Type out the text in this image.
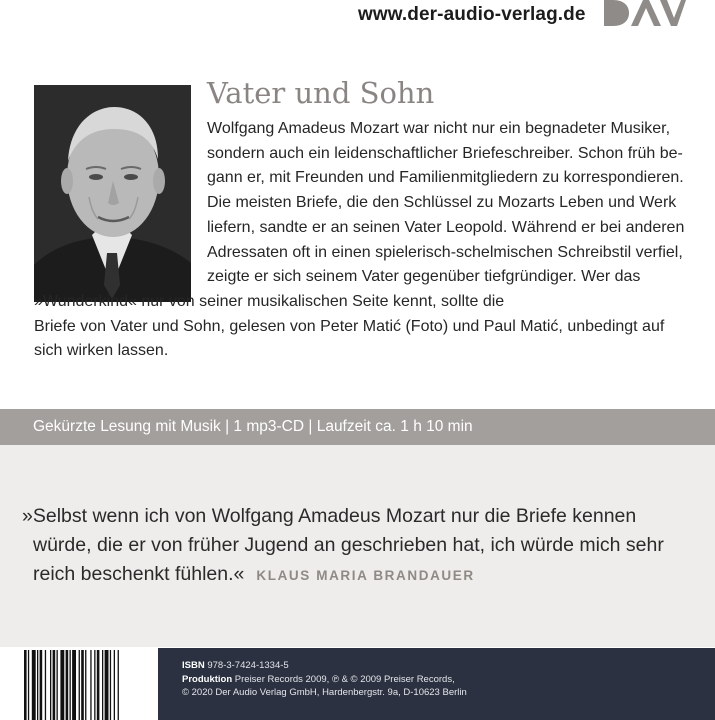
www.der-audio-verlag.de
Vater und Sohn
Wolfgang Amadeus Mozart war nicht nur ein begnadeter Musiker,
sondern auch ein leidenschaftlicher Briefeschreiber. Schon früh be-
gann er, mit Freunden und Familienmitgliedern zu korrespondieren.
Die meisten Briefe, die den Schlüssel zu Mozarts Leben und Werk
liefern, sandte er an seinen Vater Leopold. Während er bei anderen
Adressaten oft in einen spielerisch-schelmischen Schreibstil verfiel,
zeigte er sich seinem Vater gegenüber tiefgründiger. Wer das
»Wunderkind« nur von seiner musikalischen Seite kennt, sollte die
Briefe von Vater und Sohn, gelesen von Peter Matić (Foto) und Paul Matić, unbedingt auf
sich wirken lassen.
Gekürzte Lesung mit Musik | 1 mp3-CD | Laufzeit ca. 1 h 10 min
»Selbst wenn ich von Wolfgang Amadeus Mozart nur die Briefe kennen
würde, die er von früher Jugend an geschrieben hat, ich würde mich sehr
reich beschenkt fühlen.« KLAUS MARIA BRANDAUER
ISBN 978-3-7424-1334-5
Produktion Preiser Records 2009, ℗ & © 2009 Preiser Records,
© 2020 Der Audio Verlag GmbH, Hardenbergstr. 9a, D-10623 Berlin
